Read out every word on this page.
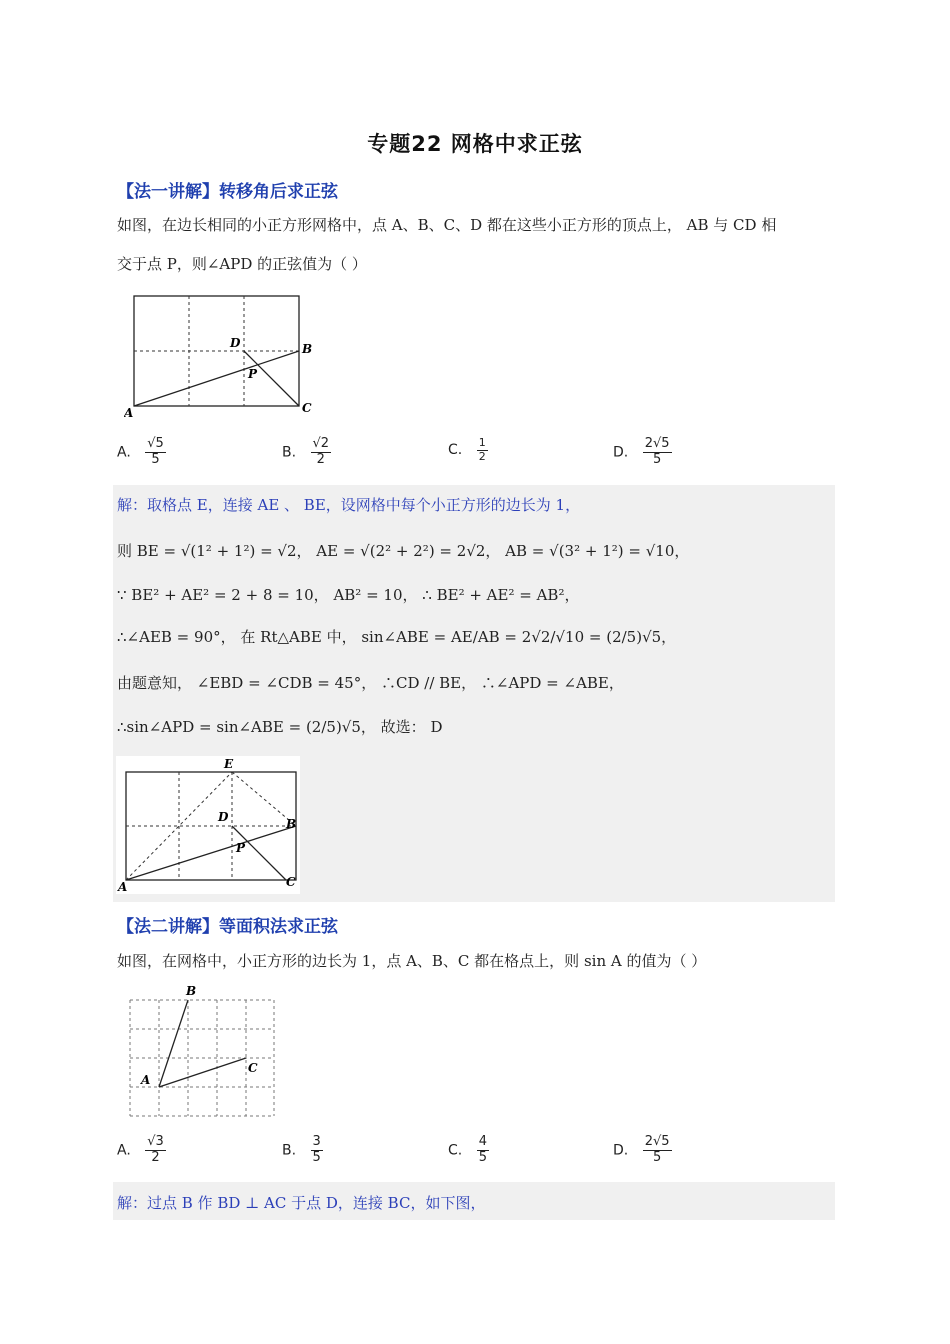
专题22 网格中求正弦
【法一讲解】转移角后求正弦
如图，在边长相同的小正方形网格中，点 A、B、C、D 都在这些小正方形的顶点上， AB 与 CD 相
交于点 P，则∠APD 的正弦值为（ ）
A
B
C
D
P
A. $\frac{√5}{5}$	B. $\frac{√2}{2}$	C. $\frac{1}{2}$	D. $\frac{2√5}{5}$
解：取格点 E，连接 AE 、 BE，设网格中每个小正方形的边长为 1，
则 BE = √(1² + 1²) = √2， AE = √(2² + 2²) = 2√2， AB = √(3² + 1²) = √10，
∵ BE² + AE² = 2 + 8 = 10， AB² = 10， ∴ BE² + AE² = AB²，
∴∠AEB = 90°， 在 Rt△ABE 中， sin∠ABE = AE/AB = 2√2/√10 = (2/5)√5，
由题意知， ∠EBD = ∠CDB = 45°， ∴CD // BE， ∴∠APD = ∠ABE，
∴sin∠APD = sin∠ABE = (2/5)√5， 故选： D
E
A
B
C
D
P
【法二讲解】等面积法求正弦
如图，在网格中，小正方形的边长为 1，点 A、B、C 都在格点上，则 sin A 的值为（ ）
B
A
C
A. $\frac{√3}{2}$	B. $\frac{3}{5}$	C. $\frac{4}{5}$	D. $\frac{2√5}{5}$
解：过点 B 作 BD ⊥ AC 于点 D，连接 BC，如下图，
